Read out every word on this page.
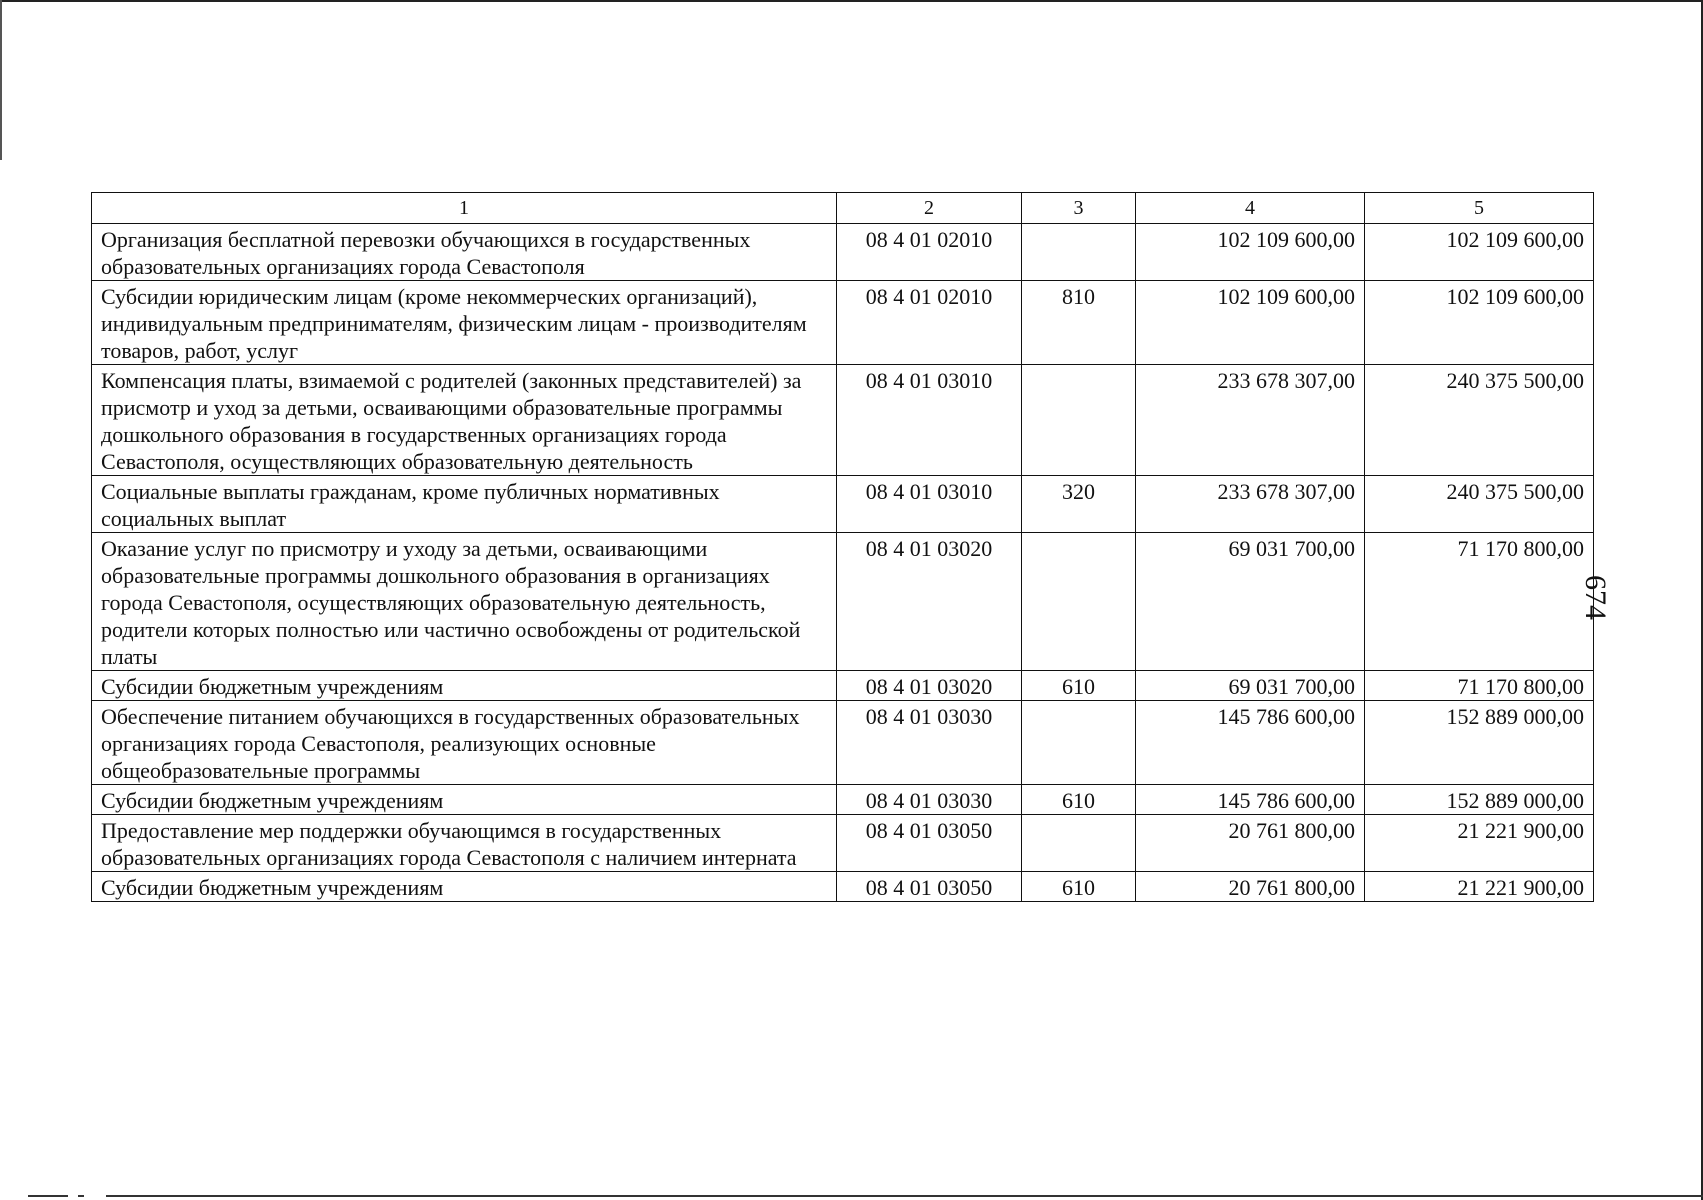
1	2	3	4	5
Организация бесплатной перевозки обучающихся в государственных образовательных организациях города Севастополя	08 4 01 02010		102 109 600,00	102 109 600,00
Субсидии юридическим лицам (кроме некоммерческих организаций), индивидуальным предпринимателям, физическим лицам - производителям товаров, работ, услуг	08 4 01 02010	810	102 109 600,00	102 109 600,00
Компенсация платы, взимаемой с родителей (законных представителей) за присмотр и уход за детьми, осваивающими образовательные программы дошкольного образования в государственных организациях города Севастополя, осуществляющих образовательную деятельность	08 4 01 03010		233 678 307,00	240 375 500,00
Социальные выплаты гражданам, кроме публичных нормативных социальных выплат	08 4 01 03010	320	233 678 307,00	240 375 500,00
Оказание услуг по присмотру и уходу за детьми, осваивающими образовательные программы дошкольного образования в организациях города Севастополя, осуществляющих образовательную деятельность, родители которых полностью или частично освобождены от родительской платы	08 4 01 03020		69 031 700,00	71 170 800,00
Субсидии бюджетным учреждениям	08 4 01 03020	610	69 031 700,00	71 170 800,00
Обеспечение питанием обучающихся в государственных образовательных организациях города Севастополя, реализующих основные общеобразовательные программы	08 4 01 03030		145 786 600,00	152 889 000,00
Субсидии бюджетным учреждениям	08 4 01 03030	610	145 786 600,00	152 889 000,00
Предоставление мер поддержки обучающимся в государственных образовательных организациях города Севастополя с наличием интерната	08 4 01 03050		20 761 800,00	21 221 900,00
Субсидии бюджетным учреждениям	08 4 01 03050	610	20 761 800,00	21 221 900,00
674
